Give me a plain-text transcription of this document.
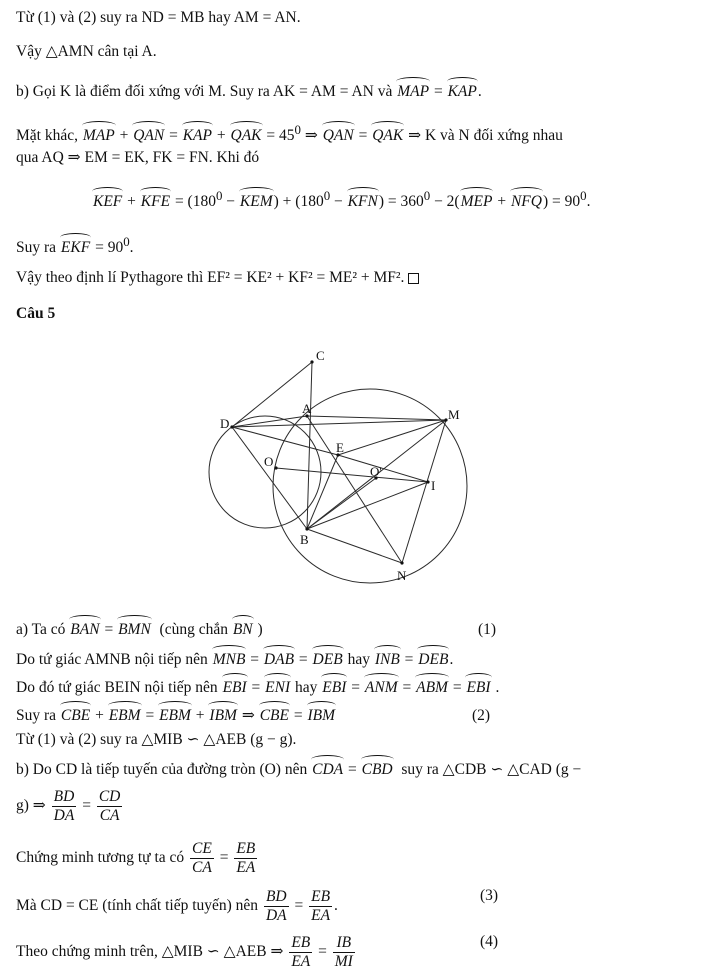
Từ (1) và (2) suy ra ND = MB hay AM = AN.
Vậy △AMN cân tại A.
b) Gọi K là điểm đối xứng với M. Suy ra AK = AM = AN và MAP = KAP.
Mặt khác, MAP + QAN = KAP + QAK = $45^0$ ⇒ QAN = QAK ⇒ K và N đối xứng nhau
qua AQ ⇒ EM = EK, FK = FN. Khi đó
KEF + KFE = $(180^0 - KEM) + (180^0 - KFN) = 360^0 - 2(MEP + NFQ) = 90^0$.
Suy ra EKF = $90^0$.
Vậy theo định lí Pythagore thì EF² = KE² + KF² = ME² + MF².
Câu 5
C
A
D
M
E
O
O'
I
B
N
a) Ta có BAN = BMN (cùng chắn BN )	(1)
Do tứ giác AMNB nội tiếp nên MNB = DAB = DEB hay INB = DEB.
Do đó tứ giác BEIN nội tiếp nên EBI = ENI hay EBI = ANM = ABM = EBI .
Suy ra CBE + EBM = EBM + IBM ⇒ CBE = IBM	(2)
Từ (1) và (2) suy ra △MIB ∽ △AEB (g − g).
b) Do CD là tiếp tuyến của đường tròn (O) nên CDA = CBD suy ra △CDB ∽ △CAD (g −
g) ⇒ $\frac{BD}{DA} = \frac{CD}{CA}$
Chứng minh tương tự ta có $\frac{CE}{CA} = \frac{EB}{EA}$
Mà CD = CE (tính chất tiếp tuyến) nên $\frac{BD}{DA} = \frac{EB}{EA}$ .
(3)
Theo chứng minh trên, △MIB ∽ △AEB ⇒ $\frac{EB}{EA} = \frac{IB}{MI}$	(4)
